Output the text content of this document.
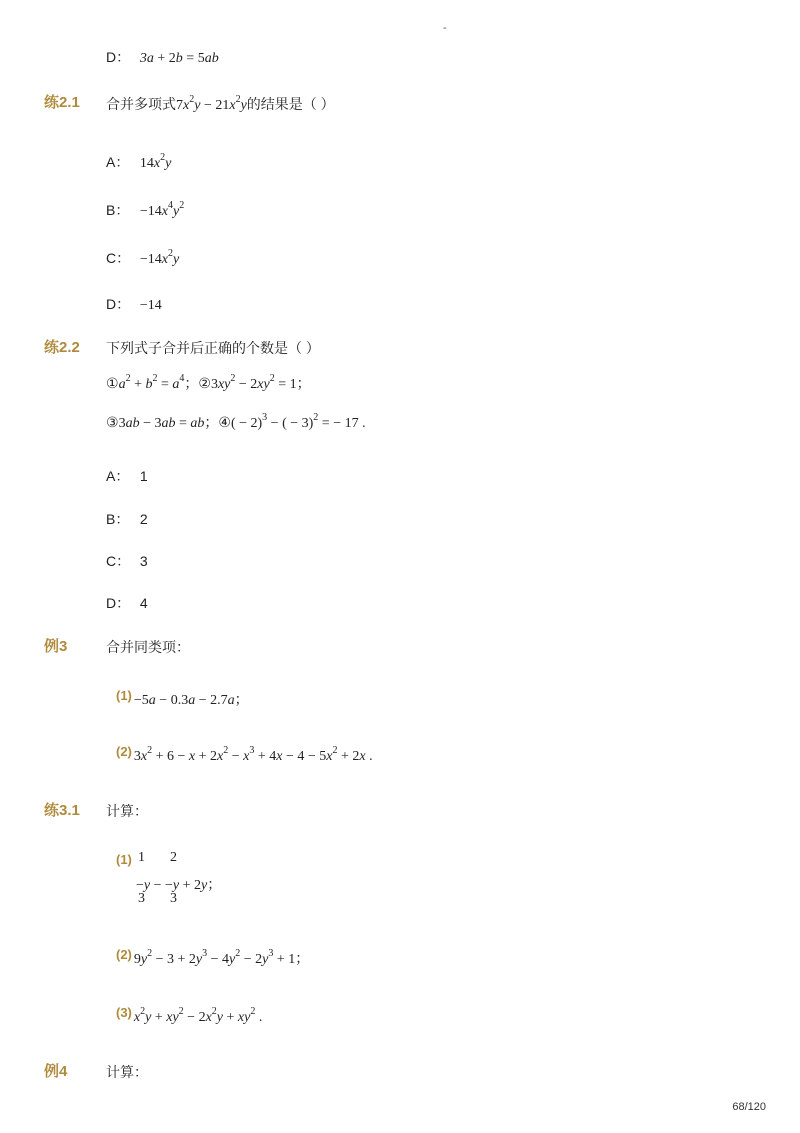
-
D： 3a + 2b = 5ab
练2.1 合并多项式$7x^2y - 21x^2y$的结果是（ ）
A： $14x^2y$
B： $-14x^4y^2$
C： $-14x^2y$
D： −14
练2.2 下列式子合并后正确的个数是（ ）
$①a^2 + b^2 = a^4$；$②3xy^2 - 2xy^2 = 1$；
③3ab − 3ab = ab；④( − 2)$^3$ − ( − 3)$^2$ = − 17 .
A： 1
B： 2
C： 3
D： 4
例3	合并同类项：
(1) −5a − 0.3a − 2.7a；
(2) $3x^2 + 6 - x + 2x^2 - x^3 + 4x - 4 - 5x^2 + 2x$ .
练3.1 计算：
(1) 1 2
−y − −y + 2y；
3 3
(2) $9y^2 - 3 + 2y^3 - 4y^2 - 2y^3 + 1$；
(3) $x^2y + xy^2 - 2x^2y + xy^2$ .
例4	计算：
68/120
